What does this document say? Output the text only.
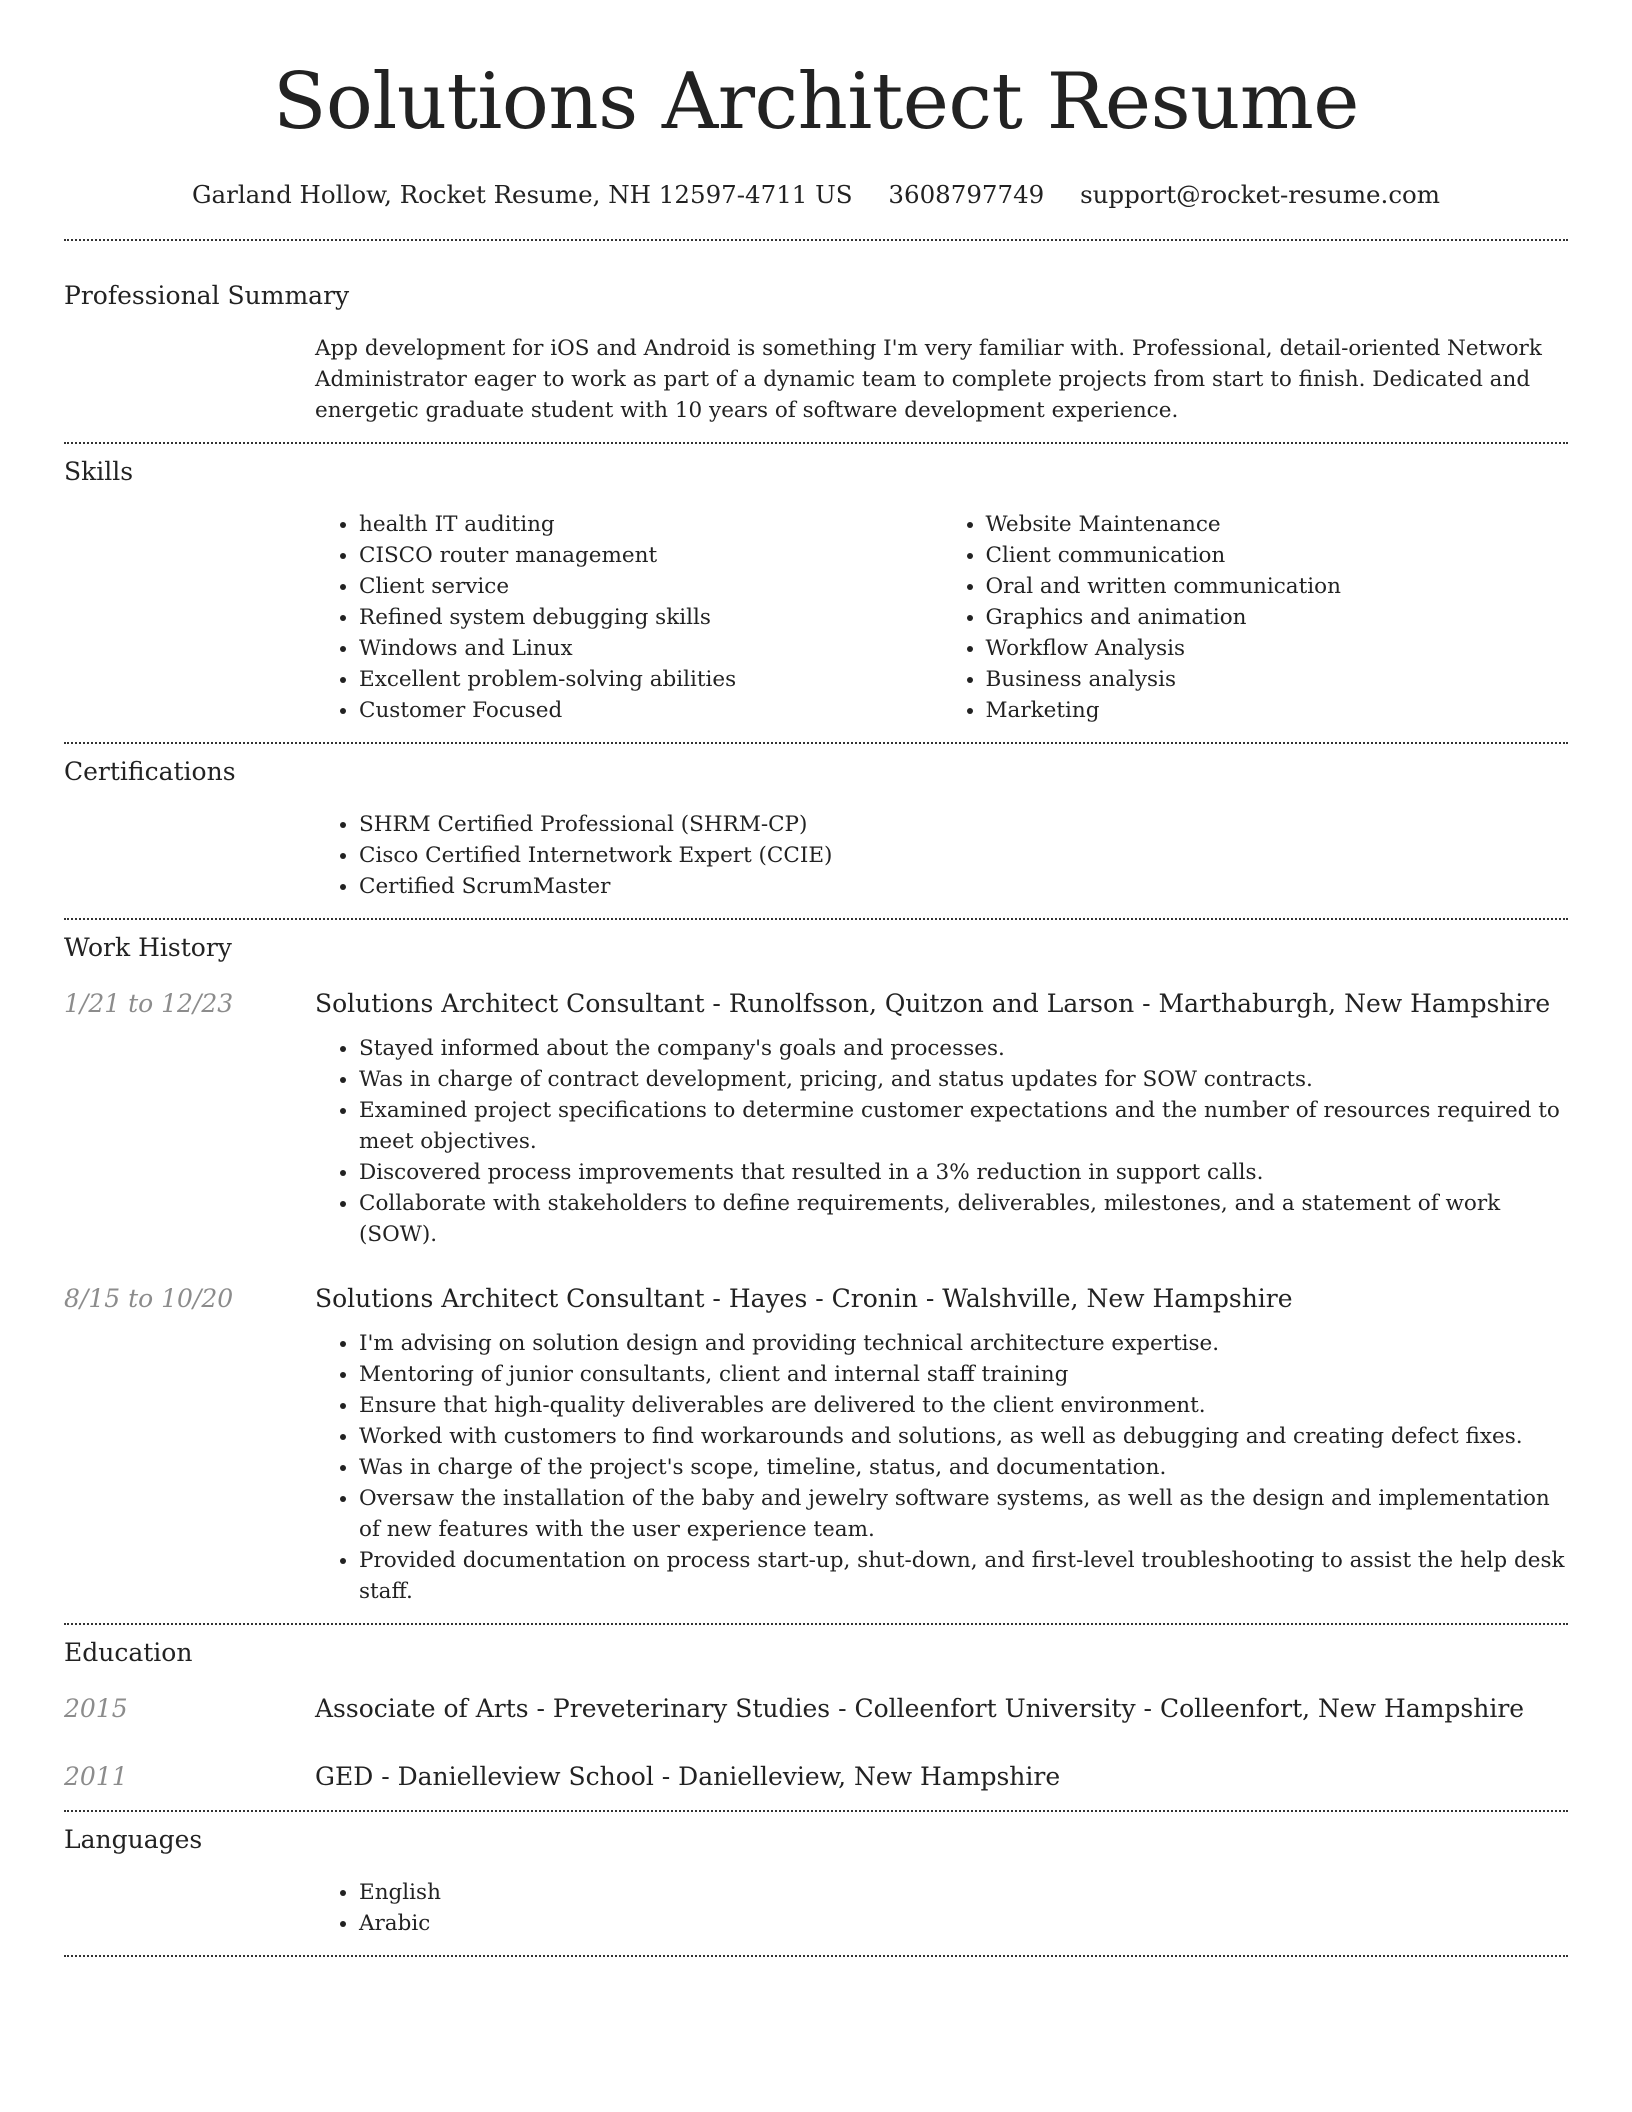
Solutions Architect Resume
Garland Hollow, Rocket Resume, NH 12597-4711 US 3608797749 support@rocket-resume.com
Professional Summary
App development for iOS and Android is something I'm very familiar with. Professional, detail-oriented Network Administrator eager to work as part of a dynamic team to complete projects from start to finish. Dedicated and energetic graduate student with 10 years of software development experience.
Skills
• health IT auditing
• CISCO router management
• Client service
• Refined system debugging skills
• Windows and Linux
• Excellent problem-solving abilities
• Customer Focused
• Website Maintenance
• Client communication
• Oral and written communication
• Graphics and animation
• Workflow Analysis
• Business analysis
• Marketing
Certifications
• SHRM Certified Professional (SHRM-CP)
• Cisco Certified Internetwork Expert (CCIE)
• Certified ScrumMaster
Work History
1/21 to 12/23	Solutions Architect Consultant - Runolfsson, Quitzon and Larson - Marthaburgh, New Hampshire
• Stayed informed about the company's goals and processes.
• Was in charge of contract development, pricing, and status updates for SOW contracts.
• Examined project specifications to determine customer expectations and the number of resources required to meet objectives.
• Discovered process improvements that resulted in a 3% reduction in support calls.
• Collaborate with stakeholders to define requirements, deliverables, milestones, and a statement of work (SOW).
8/15 to 10/20	Solutions Architect Consultant - Hayes - Cronin - Walshville, New Hampshire
• I'm advising on solution design and providing technical architecture expertise.
• Mentoring of junior consultants, client and internal staff training
• Ensure that high-quality deliverables are delivered to the client environment.
• Worked with customers to find workarounds and solutions, as well as debugging and creating defect fixes.
• Was in charge of the project's scope, timeline, status, and documentation.
• Oversaw the installation of the baby and jewelry software systems, as well as the design and implementation of new features with the user experience team.
• Provided documentation on process start-up, shut-down, and first-level troubleshooting to assist the help desk staff.
Education
2015	Associate of Arts - Preveterinary Studies - Colleenfort University - Colleenfort, New Hampshire
2011	GED - Danielleview School - Danielleview, New Hampshire
Languages
• English
• Arabic
